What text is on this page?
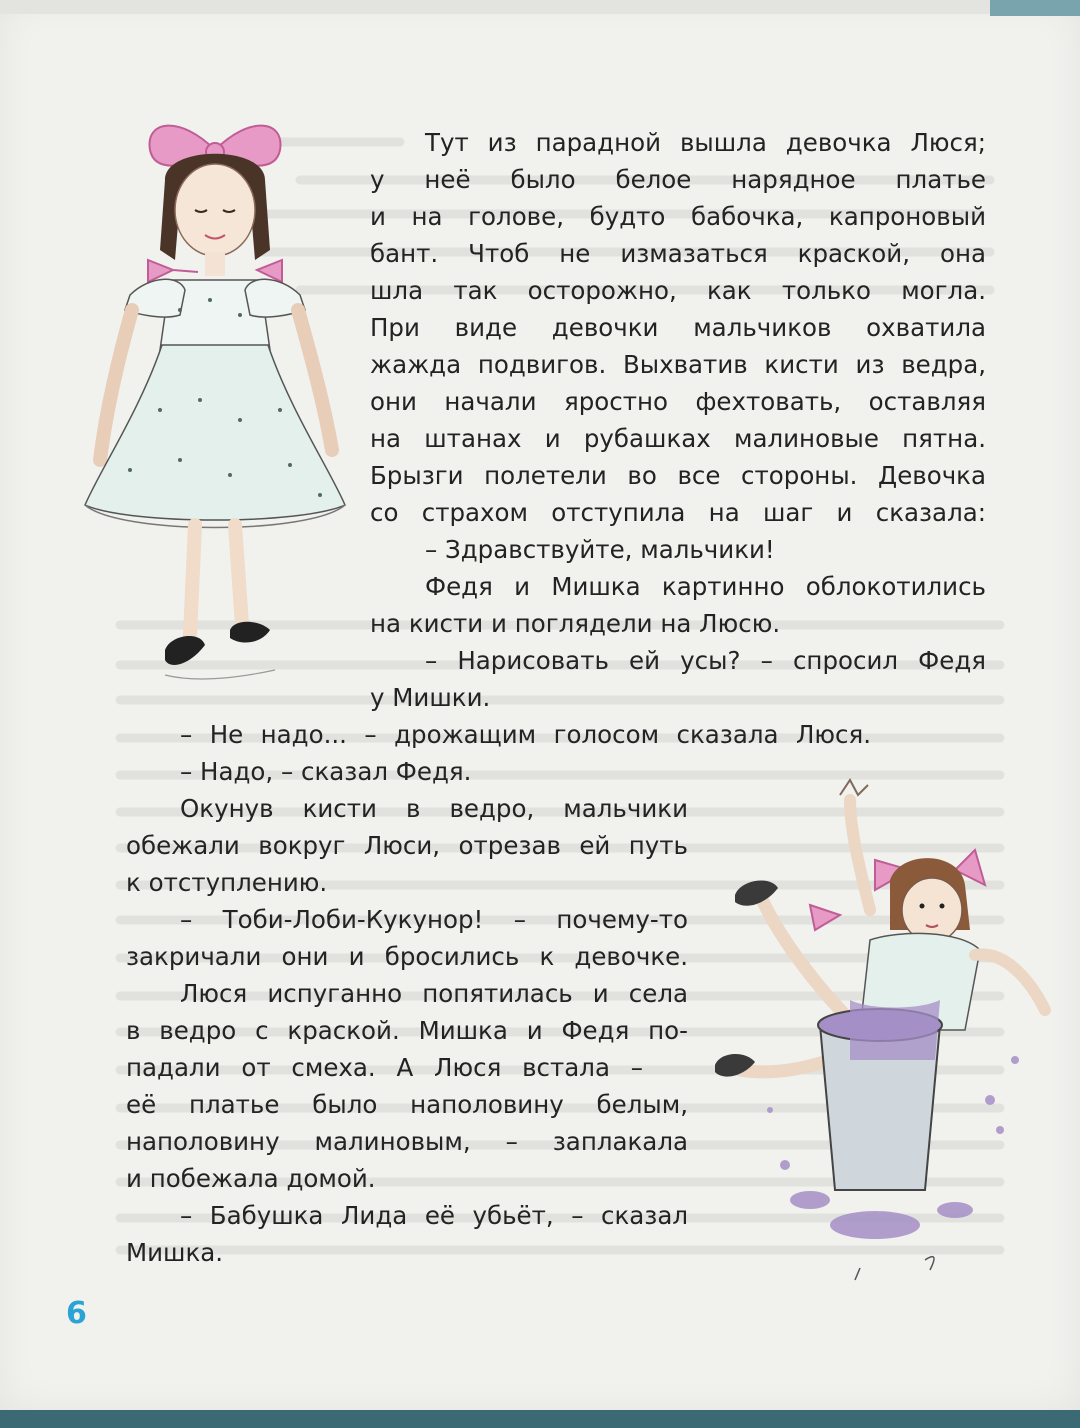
Тут из парадной вышла девочка Люся;
у неё было белое нарядное платье
и на голове, будто бабочка, капроновый
бант. Чтоб не измазаться краской, она
шла так осторожно, как только могла.
При виде девочки мальчиков охватила
жажда подвигов. Выхватив кисти из ведра,
они начали яростно фехтовать, оставляя
на штанах и рубашках малиновые пятна.
Брызги полетели во все стороны. Девочка
со страхом отступила на шаг и сказала:
– Здравствуйте, мальчики!
Федя и Мишка картинно облокотились
на кисти и поглядели на Люсю.
– Нарисовать ей усы? – спросил Федя
у Мишки.
– Не надо... – дрожащим голосом сказала Люся.
– Надо, – сказал Федя.
Окунув кисти в ведро, мальчики
обежали вокруг Люси, отрезав ей путь
к отступлению.
– Тоби-Лоби-Кукунор! – почему-то
закричали они и бросились к девочке.
Люся испуганно попятилась и села
в ведро с краской. Мишка и Федя по-
падали от смеха. А Люся встала –
её платье было наполовину белым,
наполовину малиновым, – заплакала
и побежала домой.
– Бабушка Лида её убьёт, – сказал
Мишка.
6
